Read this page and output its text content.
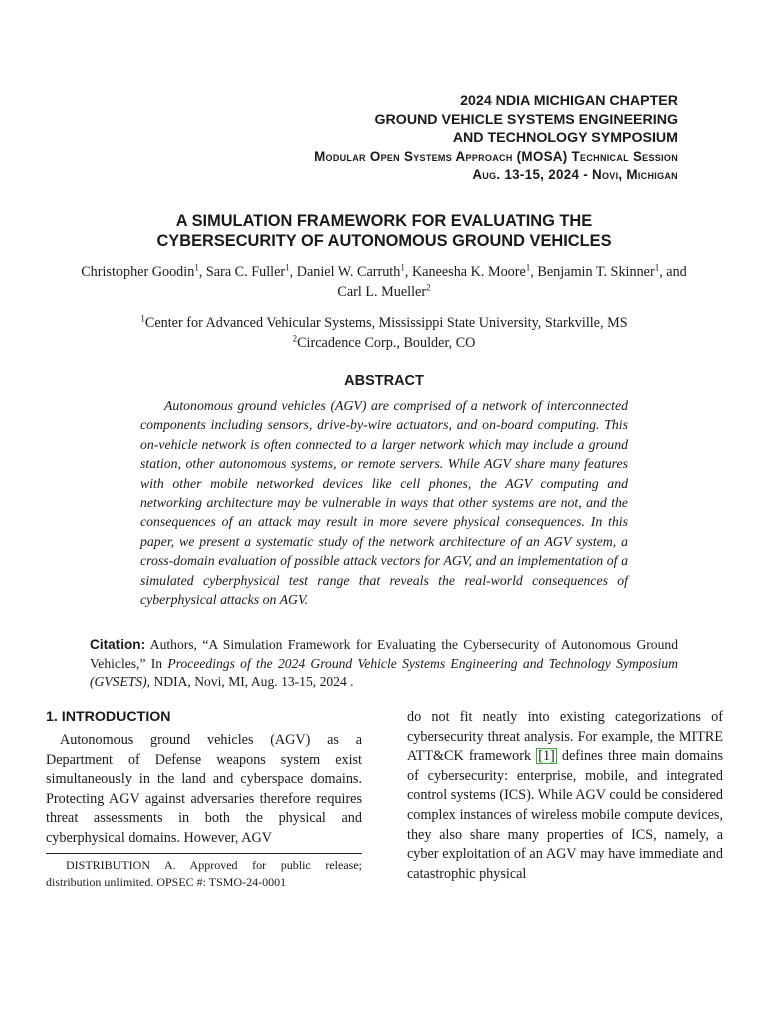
2024 NDIA MICHIGAN CHAPTER
GROUND VEHICLE SYSTEMS ENGINEERING
AND TECHNOLOGY SYMPOSIUM
Modular Open Systems Approach (MOSA) Technical Session
Aug. 13-15, 2024 - Novi, Michigan
A SIMULATION FRAMEWORK FOR EVALUATING THE
CYBERSECURITY OF AUTONOMOUS GROUND VEHICLES
Christopher Goodin$^1$, Sara C. Fuller$^1$, Daniel W. Carruth$^1$, Kaneesha K. Moore$^1$, Benjamin T. Skinner$^1$, and Carl L. Mueller$^2$
$^1$Center for Advanced Vehicular Systems, Mississippi State University, Starkville, MS
$^2$Circadence Corp., Boulder, CO
ABSTRACT

Autonomous ground vehicles (AGV) are comprised of a network of interconnected components including sensors, drive-by-wire actuators, and on-board computing. This on-vehicle network is often connected to a larger network which may include a ground station, other autonomous systems, or remote servers. While AGV share many features with other mobile networked devices like cell phones, the AGV computing and networking architecture may be vulnerable in ways that other systems are not, and the consequences of an attack may result in more severe physical consequences. In this paper, we present a systematic study of the network architecture of an AGV system, a cross-domain evaluation of possible attack vectors for AGV, and an implementation of a simulated cyberphysical test range that reveals the real-world consequences of cyberphysical attacks on AGV.

Citation: Authors, “A Simulation Framework for Evaluating the Cybersecurity of Autonomous Ground Vehicles,” In Proceedings of the 2024 Ground Vehicle Systems Engineering and Technology Symposium (GVSETS), NDIA, Novi, MI, Aug. 13-15, 2024 .

1. INTRODUCTION

Autonomous ground vehicles (AGV) as a Department of Defense weapons system exist simultaneously in the land and cyberspace domains. Protecting AGV against adversaries therefore requires threat assessments in both the physical and cyberphysical domains. However, AGV

do not fit neatly into existing categorizations of cybersecurity threat analysis. For example, the MITRE ATT&CK framework [1] defines three main domains of cybersecurity: enterprise, mobile, and integrated control systems (ICS). While AGV could be considered complex instances of wireless mobile compute devices, they also share many properties of ICS, namely, a cyber exploitation of an AGV may have immediate and catastrophic physical

DISTRIBUTION A. Approved for public release; distribution unlimited. OPSEC #: TSMO-24-0001
